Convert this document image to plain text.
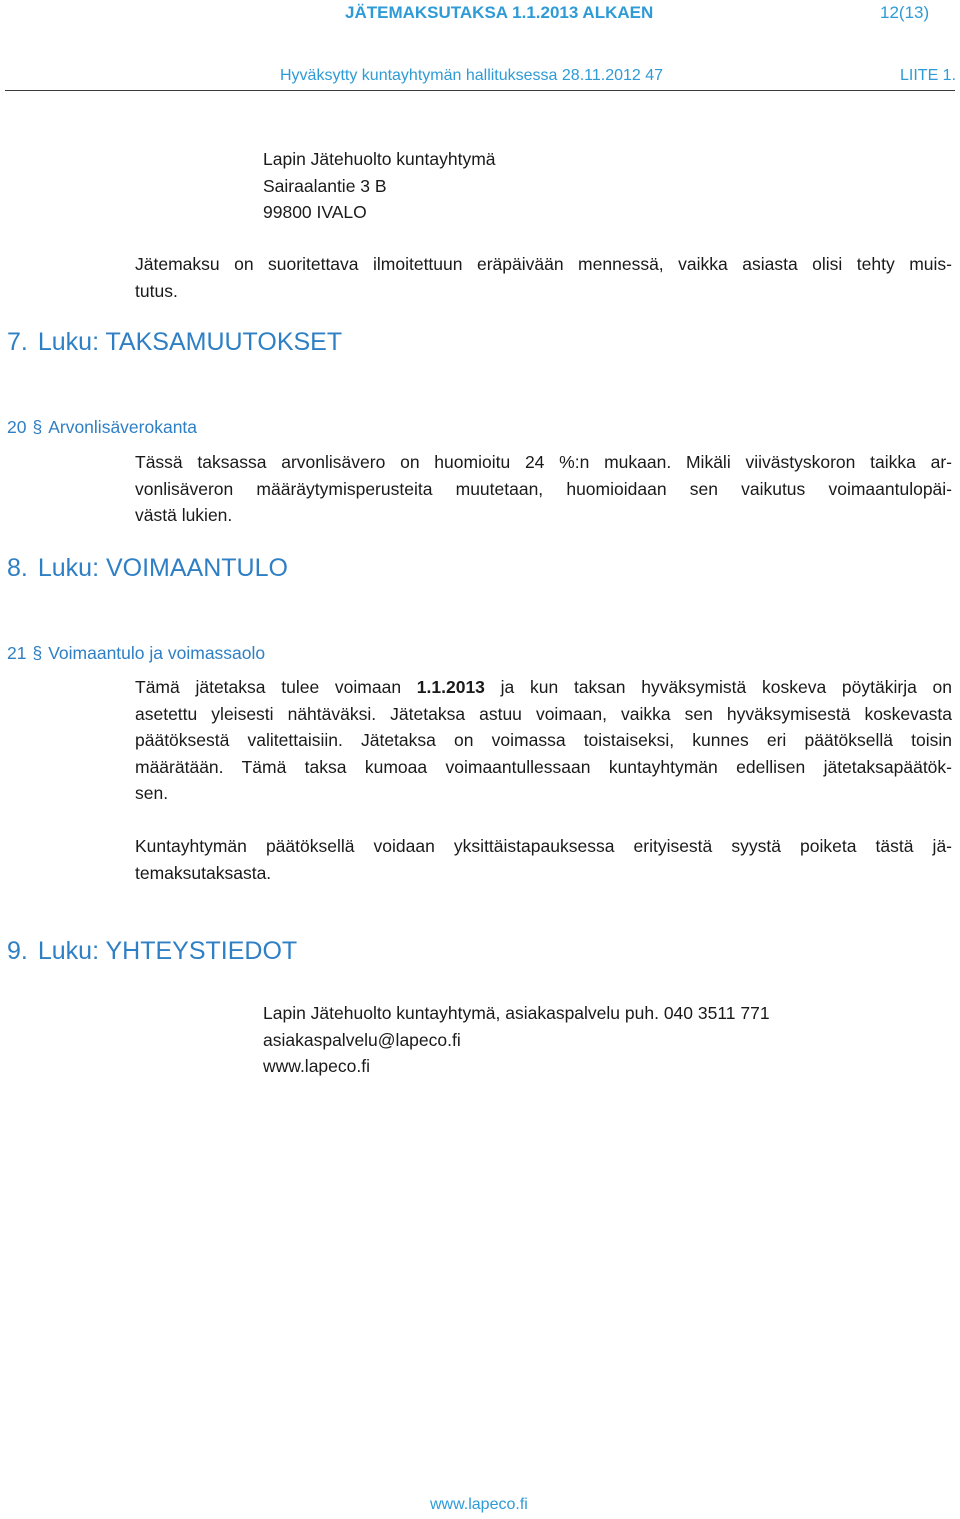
JÄTEMAKSUTAKSA 1.1.2013 ALKAEN	12(13)
Hyväksytty kuntayhtymän hallituksessa 28.11.2012 47	LIITE 1.
Lapin Jätehuolto kuntayhtymä
Sairaalantie 3 B
99800 IVALO
Jätemaksu on suoritettava ilmoitettuun eräpäivään mennessä, vaikka asiasta olisi tehty muis-
tutus.
7. Luku: TAKSAMUUTOKSET
20 § Arvonlisäverokanta
Tässä taksassa arvonlisävero on huomioitu 24 %:n mukaan. Mikäli viivästyskoron taikka ar-
vonlisäveron määräytymisperusteita muutetaan, huomioidaan sen vaikutus voimaantulopäi-
västä lukien.
8. Luku: VOIMAANTULO
21 § Voimaantulo ja voimassaolo
Tämä jätetaksa tulee voimaan 1.1.2013 ja kun taksan hyväksymistä koskeva pöytäkirja on
asetettu yleisesti nähtäväksi. Jätetaksa astuu voimaan, vaikka sen hyväksymisestä koskevasta
päätöksestä valitettaisiin. Jätetaksa on voimassa toistaiseksi, kunnes eri päätöksellä toisin
määrätään. Tämä taksa kumoaa voimaantullessaan kuntayhtymän edellisen jätetaksapäätök-
sen.
Kuntayhtymän päätöksellä voidaan yksittäistapauksessa erityisestä syystä poiketa tästä jä-
temaksutaksasta.
9. Luku: YHTEYSTIEDOT
Lapin Jätehuolto kuntayhtymä, asiakaspalvelu puh. 040 3511 771
asiakaspalvelu@lapeco.fi
www.lapeco.fi
www.lapeco.fi
